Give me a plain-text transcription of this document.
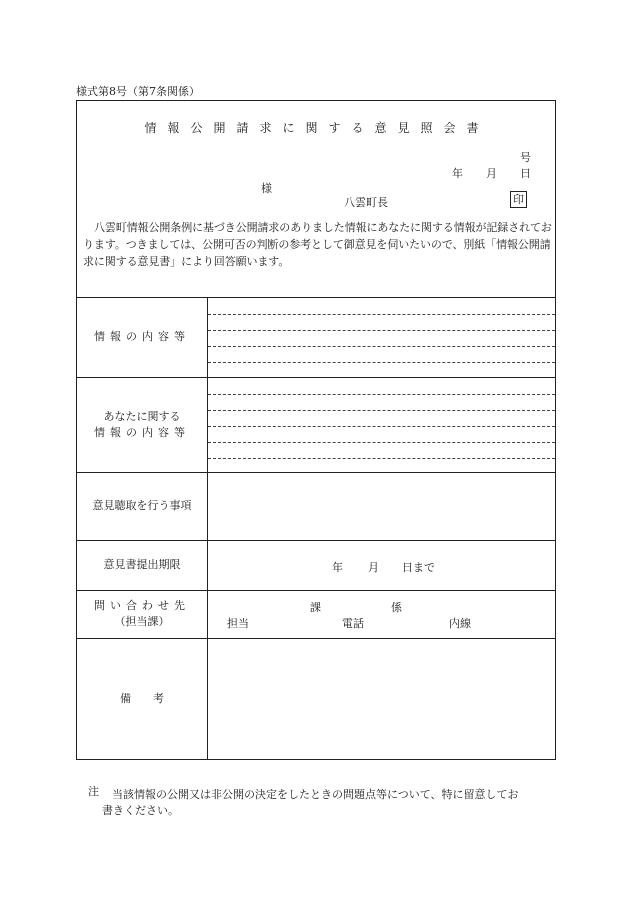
様式第8号（第7条関係）
情報公開請求に関する意見照会書
号
年 月 日
様
八雲町長	印
八雲町情報公開条例に基づき公開請求のありました情報にあなたに関する情報が記録されております。つきましては、公開可否の判断の参考として御意見を伺いたいので、別紙「情報公開請求に関する意見書」により回答願います。
情報の内容等
あなたに関する
情報の内容等
意見聴取を行う事項
意見書提出期限	年 月 日まで
問い合わせ先
（担当課）
課	係
担当	電話	内線
備　　考
注 当該情報の公開又は非公開の決定をしたときの問題点等について、特に留意してお
書きください。
